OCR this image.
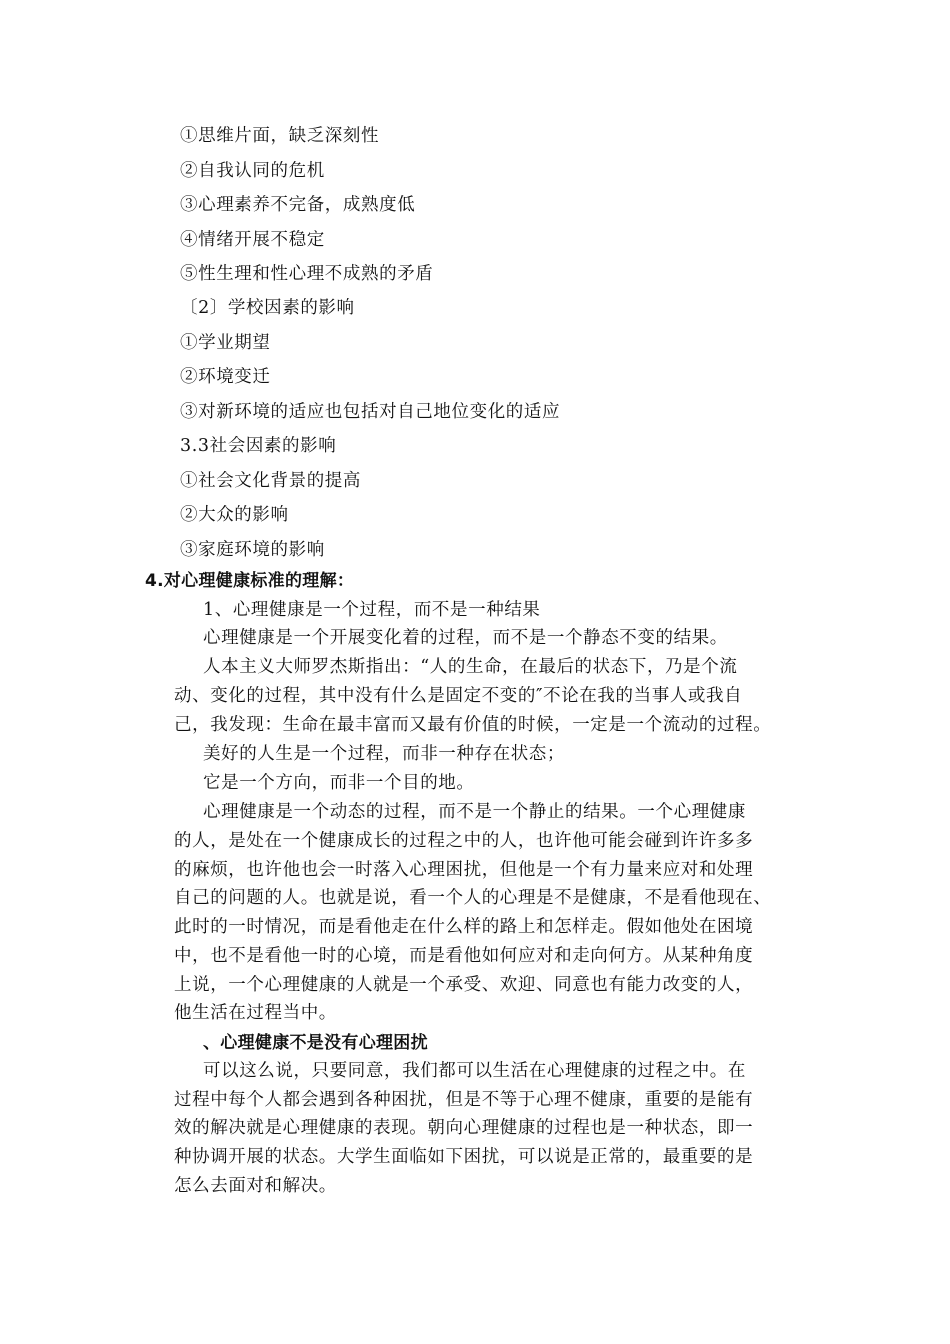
①思维片面，缺乏深刻性

②自我认同的危机

③心理素养不完备，成熟度低

④情绪开展不稳定

⑤性生理和性心理不成熟的矛盾

〔2〕学校因素的影响

①学业期望

②环境变迁

③对新环境的适应也包括对自己地位变化的适应

3.3社会因素的影响

①社会文化背景的提高

②大众的影响

③家庭环境的影响

4.对心理健康标准的理解：

1、心理健康是一个过程，而不是一种结果

心理健康是一个开展变化着的过程，而不是一个静态不变的结果。

人本主义大师罗杰斯指出：“人的生命，在最后的状态下，乃是个流

动、变化的过程，其中没有什么是固定不变的″不论在我的当事人或我自

己，我发现：生命在最丰富而又最有价值的时候，一定是一个流动的过程。

美好的人生是一个过程，而非一种存在状态；

它是一个方向，而非一个目的地。

心理健康是一个动态的过程，而不是一个静止的结果。一个心理健康

的人，是处在一个健康成长的过程之中的人，也许他可能会碰到许许多多

的麻烦，也许他也会一时落入心理困扰，但他是一个有力量来应对和处理

自己的问题的人。也就是说，看一个人的心理是不是健康，不是看他现在、

此时的一时情况，而是看他走在什么样的路上和怎样走。假如他处在困境

中，也不是看他一时的心境，而是看他如何应对和走向何方。从某种角度

上说，一个心理健康的人就是一个承受、欢迎、同意也有能力改变的人，

他生活在过程当中。

、心理健康不是没有心理困扰

可以这么说，只要同意，我们都可以生活在心理健康的过程之中。在

过程中每个人都会遇到各种困扰，但是不等于心理不健康，重要的是能有

效的解决就是心理健康的表现。朝向心理健康的过程也是一种状态，即一

种协调开展的状态。大学生面临如下困扰，可以说是正常的，最重要的是

怎么去面对和解决。
